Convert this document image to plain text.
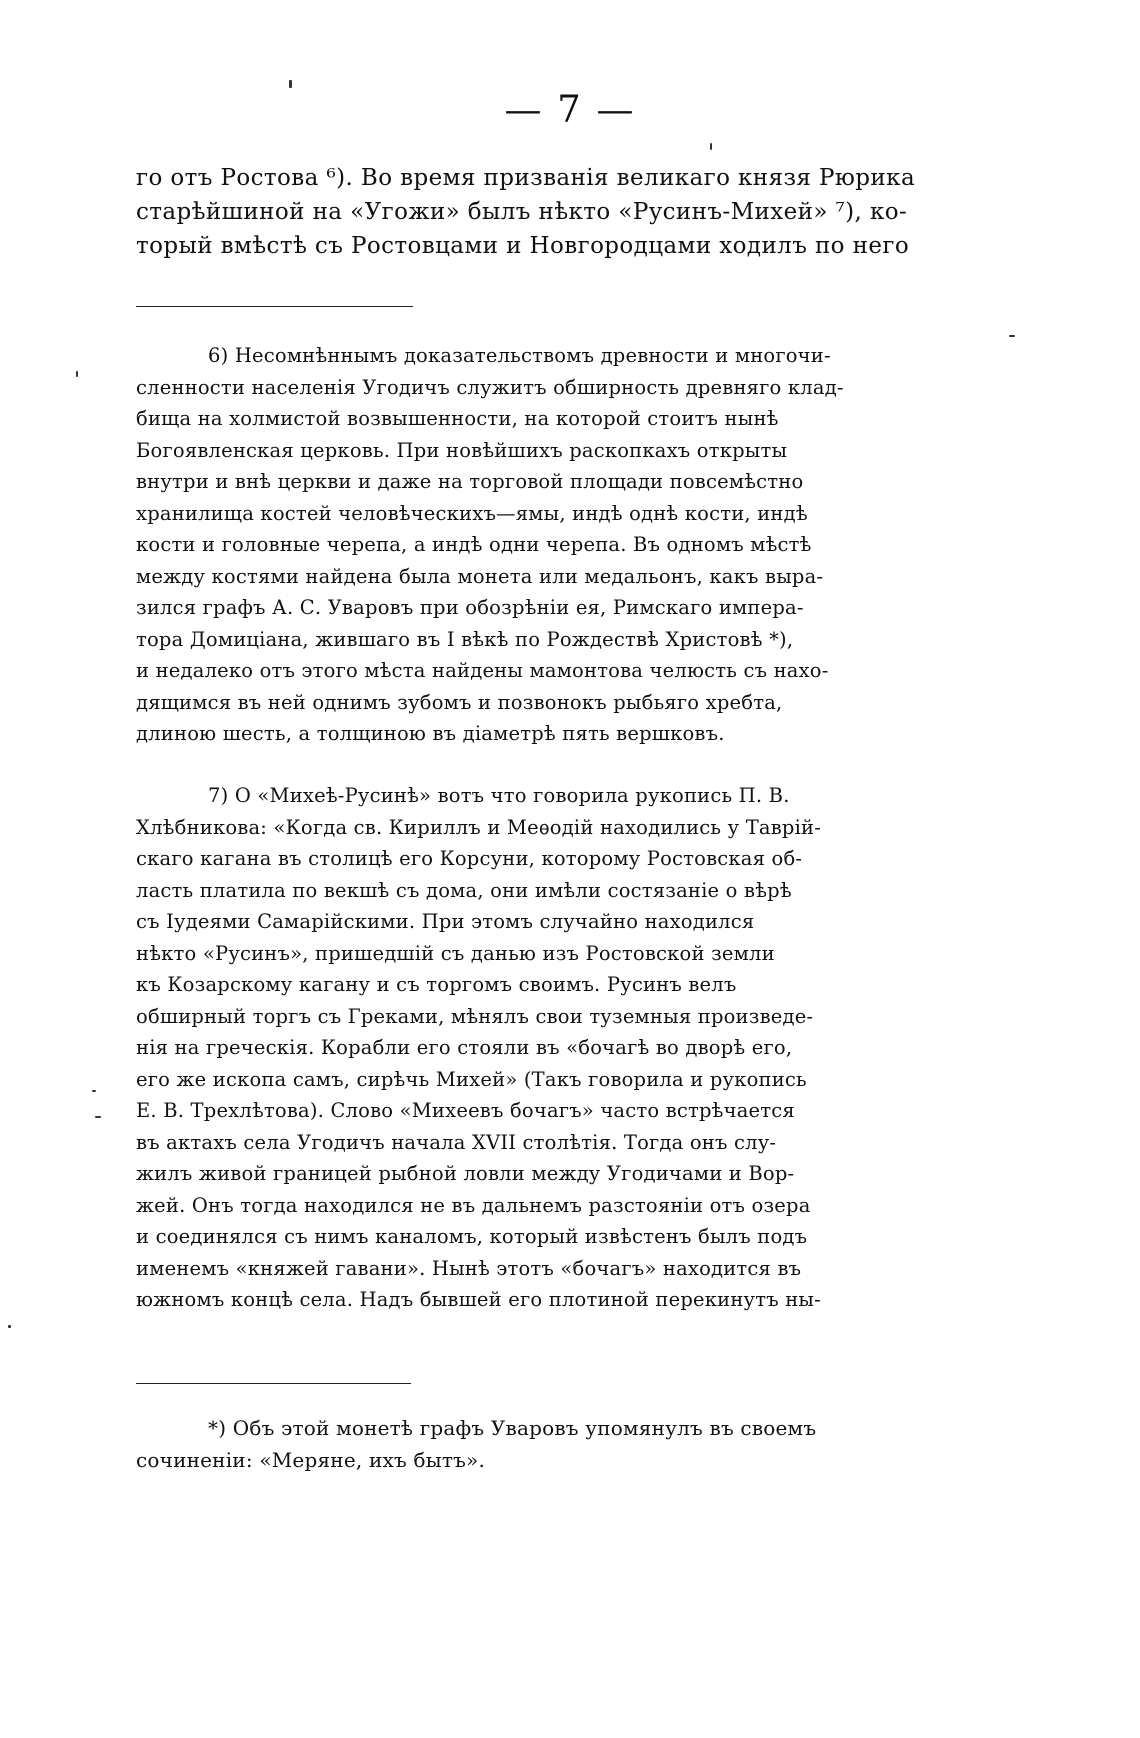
— 7 —
го отъ Ростова ⁶). Во время призванія великаго князя Рюрика
старѣйшиной на «Угожи» былъ нѣкто «Русинъ-Михей» ⁷), ко-
торый вмѣстѣ съ Ростовцами и Новгородцами ходилъ по него
6) Несомнѣннымъ доказательствомъ древности и многочи-
сленности населенія Угодичъ служитъ обширность древняго клад-
бища на холмистой возвышенности, на которой стоитъ нынѣ
Богоявленская церковь. При новѣйшихъ раскопкахъ открыты
внутри и внѣ церкви и даже на торговой площади повсемѣстно
хранилища костей человѣческихъ—ямы, индѣ однѣ кости, индѣ
кости и головные черепа, а индѣ одни черепа. Въ одномъ мѣстѣ
между костями найдена была монета или медальонъ, какъ выра-
зился графъ А. С. Уваровъ при обозрѣніи ея, Римскаго импера-
тора Домиціана, жившаго въ I вѣкѣ по Рождествѣ Христовѣ *),
и недалеко отъ этого мѣста найдены мамонтова челюсть съ нахо-
дящимся въ ней однимъ зубомъ и позвонокъ рыбьяго хребта,
длиною шесть, а толщиною въ діаметрѣ пять вершковъ.
7) О «Михеѣ-Русинѣ» вотъ что говорила рукопись П. В.
Хлѣбникова: «Когда св. Кириллъ и Меѳодій находились у Таврій-
скаго кагана въ столицѣ его Корсуни, которому Ростовская об-
ласть платила по векшѣ съ дома, они имѣли состязаніе о вѣрѣ
съ Іудеями Самарійскими. При этомъ случайно находился
нѣкто «Русинъ», пришедшій съ данью изъ Ростовской земли
къ Козарскому кагану и съ торгомъ своимъ. Русинъ велъ
обширный торгъ съ Греками, мѣнялъ свои туземныя произведе-
нія на греческія. Корабли его стояли въ «бочагѣ во дворѣ его,
его же ископа самъ, сирѣчь Михей» (Такъ говорила и рукопись
Е. В. Трехлѣтова). Слово «Михеевъ бочагъ» часто встрѣчается
въ актахъ села Угодичъ начала XVII столѣтія. Тогда онъ слу-
жилъ живой границей рыбной ловли между Угодичами и Вор-
жей. Онъ тогда находился не въ дальнемъ разстояніи отъ озера
и соединялся съ нимъ каналомъ, который извѣстенъ былъ подъ
именемъ «княжей гавани». Нынѣ этотъ «бочагъ» находится въ
южномъ концѣ села. Надъ бывшей его плотиной перекинутъ ны-
*) Объ этой монетѣ графъ Уваровъ упомянулъ въ своемъ
сочиненіи: «Меряне, ихъ бытъ».
